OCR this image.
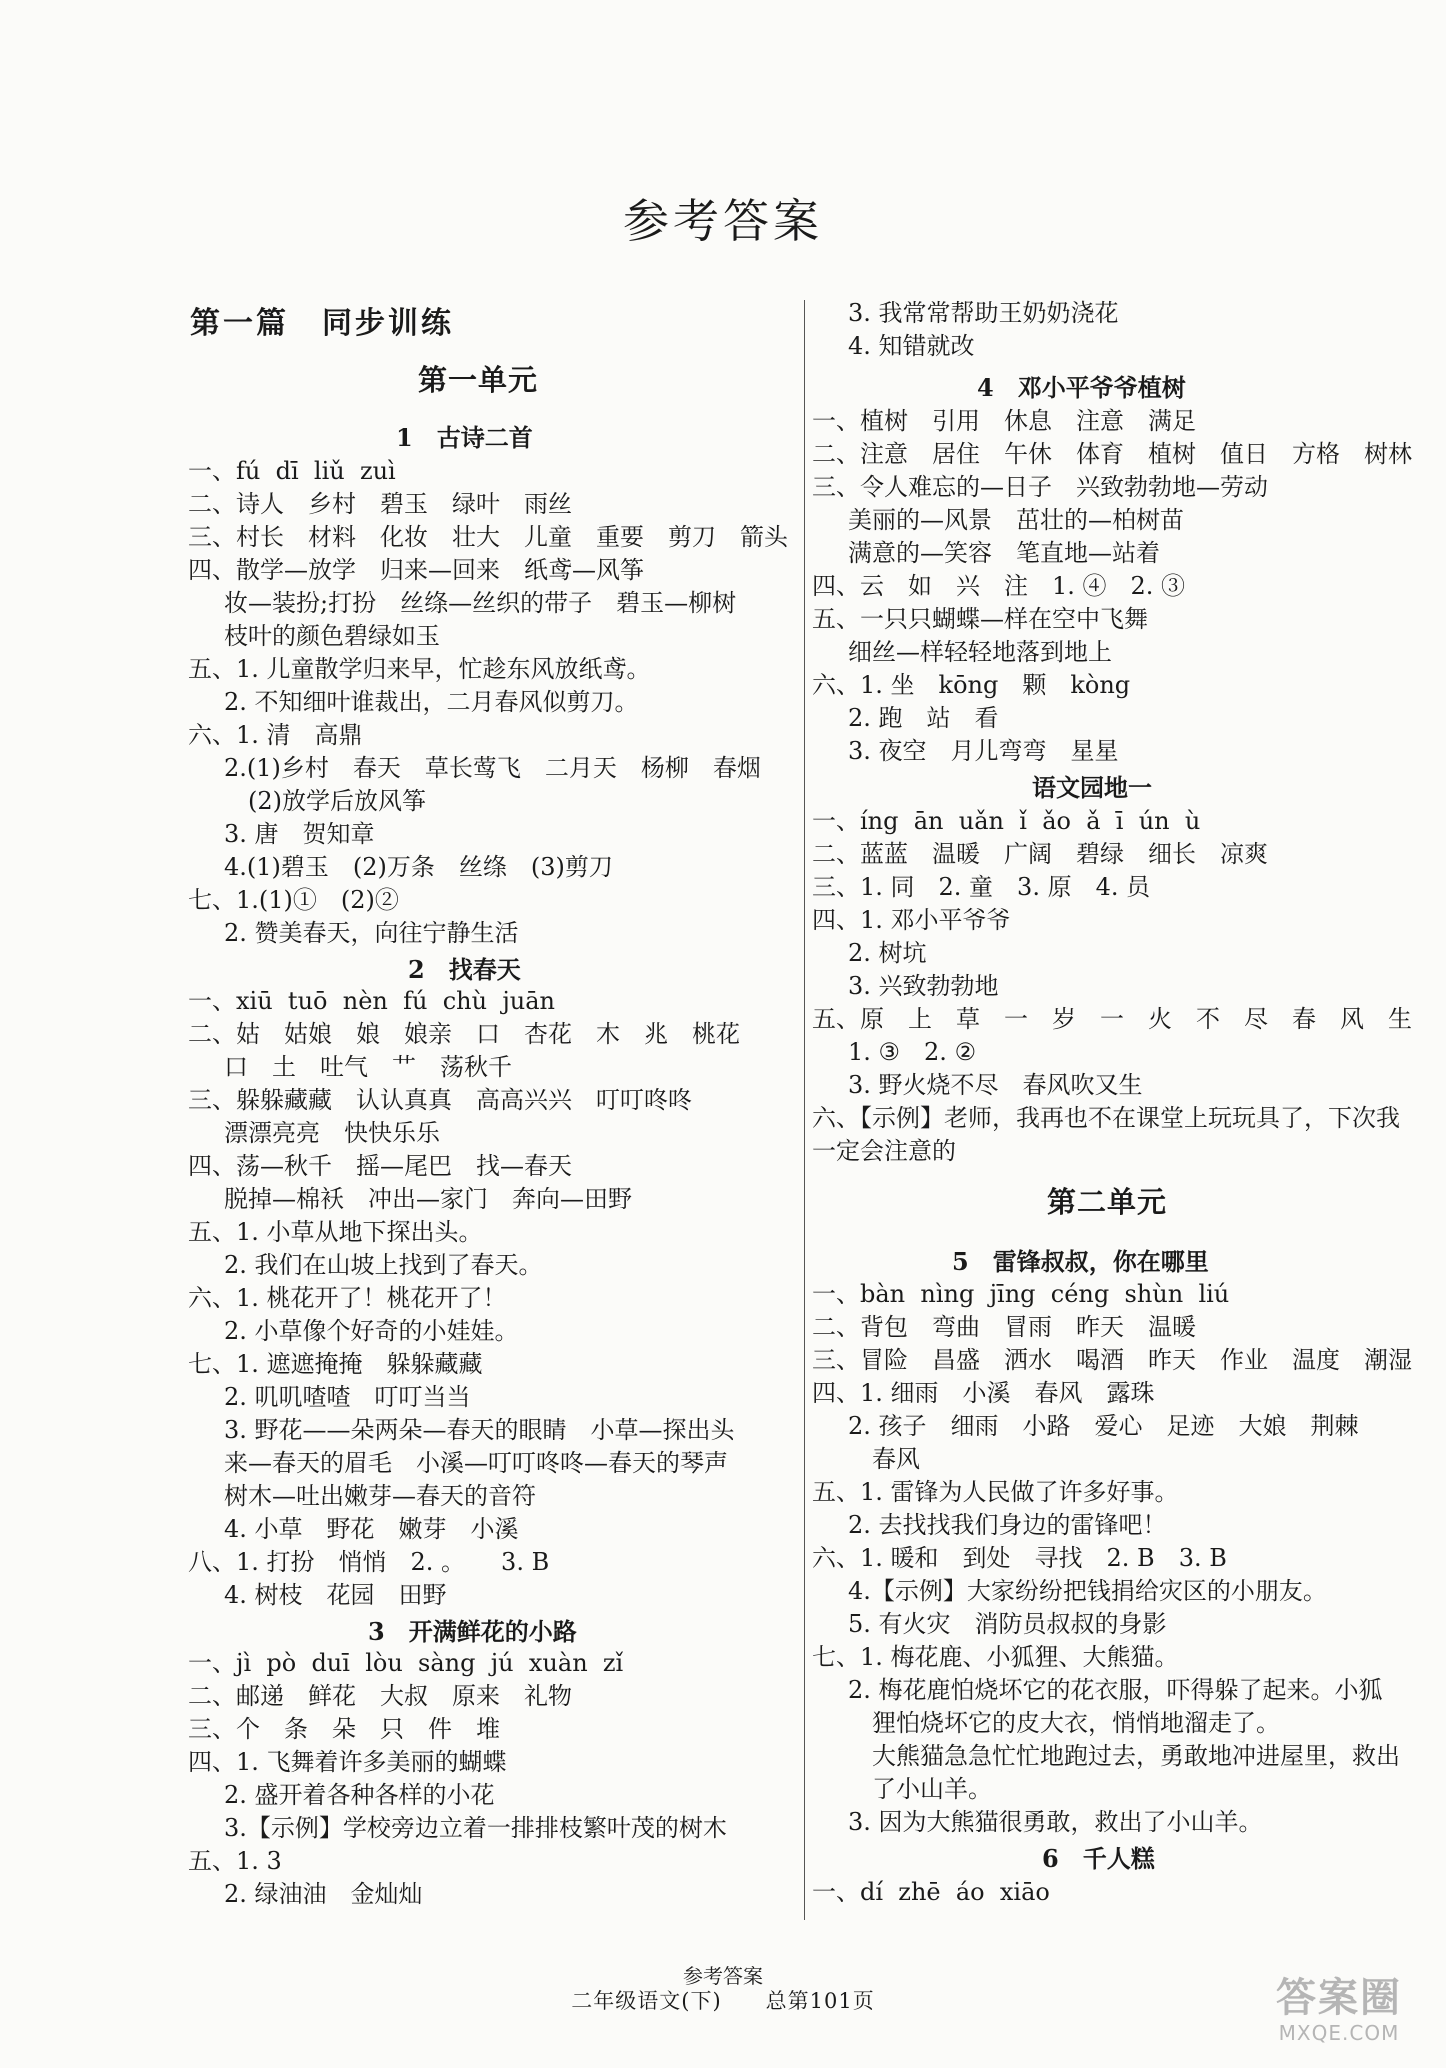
参考答案
第一篇　同步训练
第一单元
1　古诗二首
一、fú  dī  liǔ  zuì
二、诗人　乡村　碧玉　绿叶　雨丝
三、村长　材料　化妆　壮大　儿童　重要　剪刀　箭头
四、散学—放学　归来—回来　纸鸢—风筝
妆—装扮;打扮　丝绦—丝织的带子　碧玉—柳树
枝叶的颜色碧绿如玉
五、1. 儿童散学归来早，忙趁东风放纸鸢。
2. 不知细叶谁裁出，二月春风似剪刀。
六、1. 清　高鼎
2.(1)乡村　春天　草长莺飞　二月天　杨柳　春烟
(2)放学后放风筝
3. 唐　贺知章
4.(1)碧玉　(2)万条　丝绦　(3)剪刀
七、1.(1)①　(2)②
2. 赞美春天，向往宁静生活
2　找春天
一、xiū  tuō  nèn  fú  chù  juān
二、姑　姑娘　娘　娘亲　口　杏花　木　兆　桃花
口　土　吐气　艹　荡秋千
三、躲躲藏藏　认认真真　高高兴兴　叮叮咚咚
漂漂亮亮　快快乐乐
四、荡—秋千　摇—尾巴　找—春天
脱掉—棉袄　冲出—家门　奔向—田野
五、1. 小草从地下探出头。
2. 我们在山坡上找到了春天。
六、1. 桃花开了！桃花开了！
2. 小草像个好奇的小娃娃。
七、1. 遮遮掩掩　躲躲藏藏
2. 叽叽喳喳　叮叮当当
3. 野花——朵两朵—春天的眼睛　小草—探出头
来—春天的眉毛　小溪—叮叮咚咚—春天的琴声
树木—吐出嫩芽—春天的音符
4. 小草　野花　嫩芽　小溪
八、1. 打扮　悄悄　2. 。　　3. B
4. 树枝　花园　田野
3　开满鲜花的小路
一、jì  pò  duī  lòu  sàng  jú  xuàn  zǐ
二、邮递　鲜花　大叔　原来　礼物
三、个　条　朵　只　件　堆
四、1. 飞舞着许多美丽的蝴蝶
2. 盛开着各种各样的小花
3.【示例】学校旁边立着一排排枝繁叶茂的树木
五、1. 3
2. 绿油油　金灿灿
3. 我常常帮助王奶奶浇花
4. 知错就改
4　邓小平爷爷植树
一、植树　引用　休息　注意　满足
二、注意　居住　午休　体育　植树　值日　方格　树林
三、令人难忘的—日子　兴致勃勃地—劳动
美丽的—风景　茁壮的—柏树苗
满意的—笑容　笔直地—站着
四、云　如　兴　注　1. ④　2. ③
五、一只只蝴蝶—样在空中飞舞
细丝—样轻轻地落到地上
六、1. 坐　kōng　颗　kòng
2. 跑　站　看
3. 夜空　月儿弯弯　星星
语文园地一
一、íng  ān  uǎn  ǐ  ǎo  ǎ  ī  ún  ù
二、蓝蓝　温暖　广阔　碧绿　细长　凉爽
三、1. 同　2. 童　3. 原　4. 员
四、1. 邓小平爷爷
2. 树坑
3. 兴致勃勃地
五、原　上　草　一　岁　一　火　不　尽　春　风　生
1. ③　2. ②
3. 野火烧不尽　春风吹又生
六、【示例】老师，我再也不在课堂上玩玩具了，下次我
一定会注意的
第二单元
5　雷锋叔叔，你在哪里
一、bàn  nìng  jīng  céng  shùn  liú
二、背包　弯曲　冒雨　昨天　温暖
三、冒险　昌盛　洒水　喝酒　昨天　作业　温度　潮湿
四、1. 细雨　小溪　春风　露珠
2. 孩子　细雨　小路　爱心　足迹　大娘　荆棘
春风
五、1. 雷锋为人民做了许多好事。
2. 去找找我们身边的雷锋吧！
六、1. 暖和　到处　寻找　2. B　3. B
4.【示例】大家纷纷把钱捐给灾区的小朋友。
5. 有火灾　消防员叔叔的身影
七、1. 梅花鹿、小狐狸、大熊猫。
2. 梅花鹿怕烧坏它的花衣服，吓得躲了起来。小狐
狸怕烧坏它的皮大衣，悄悄地溜走了。
大熊猫急急忙忙地跑过去，勇敢地冲进屋里，救出
了小山羊。
3. 因为大熊猫很勇敢，救出了小山羊。
6　千人糕
一、dí  zhē  áo  xiāo
参考答案
二年级语文(下)　　总第101页	答案圈
MXQE.COM
